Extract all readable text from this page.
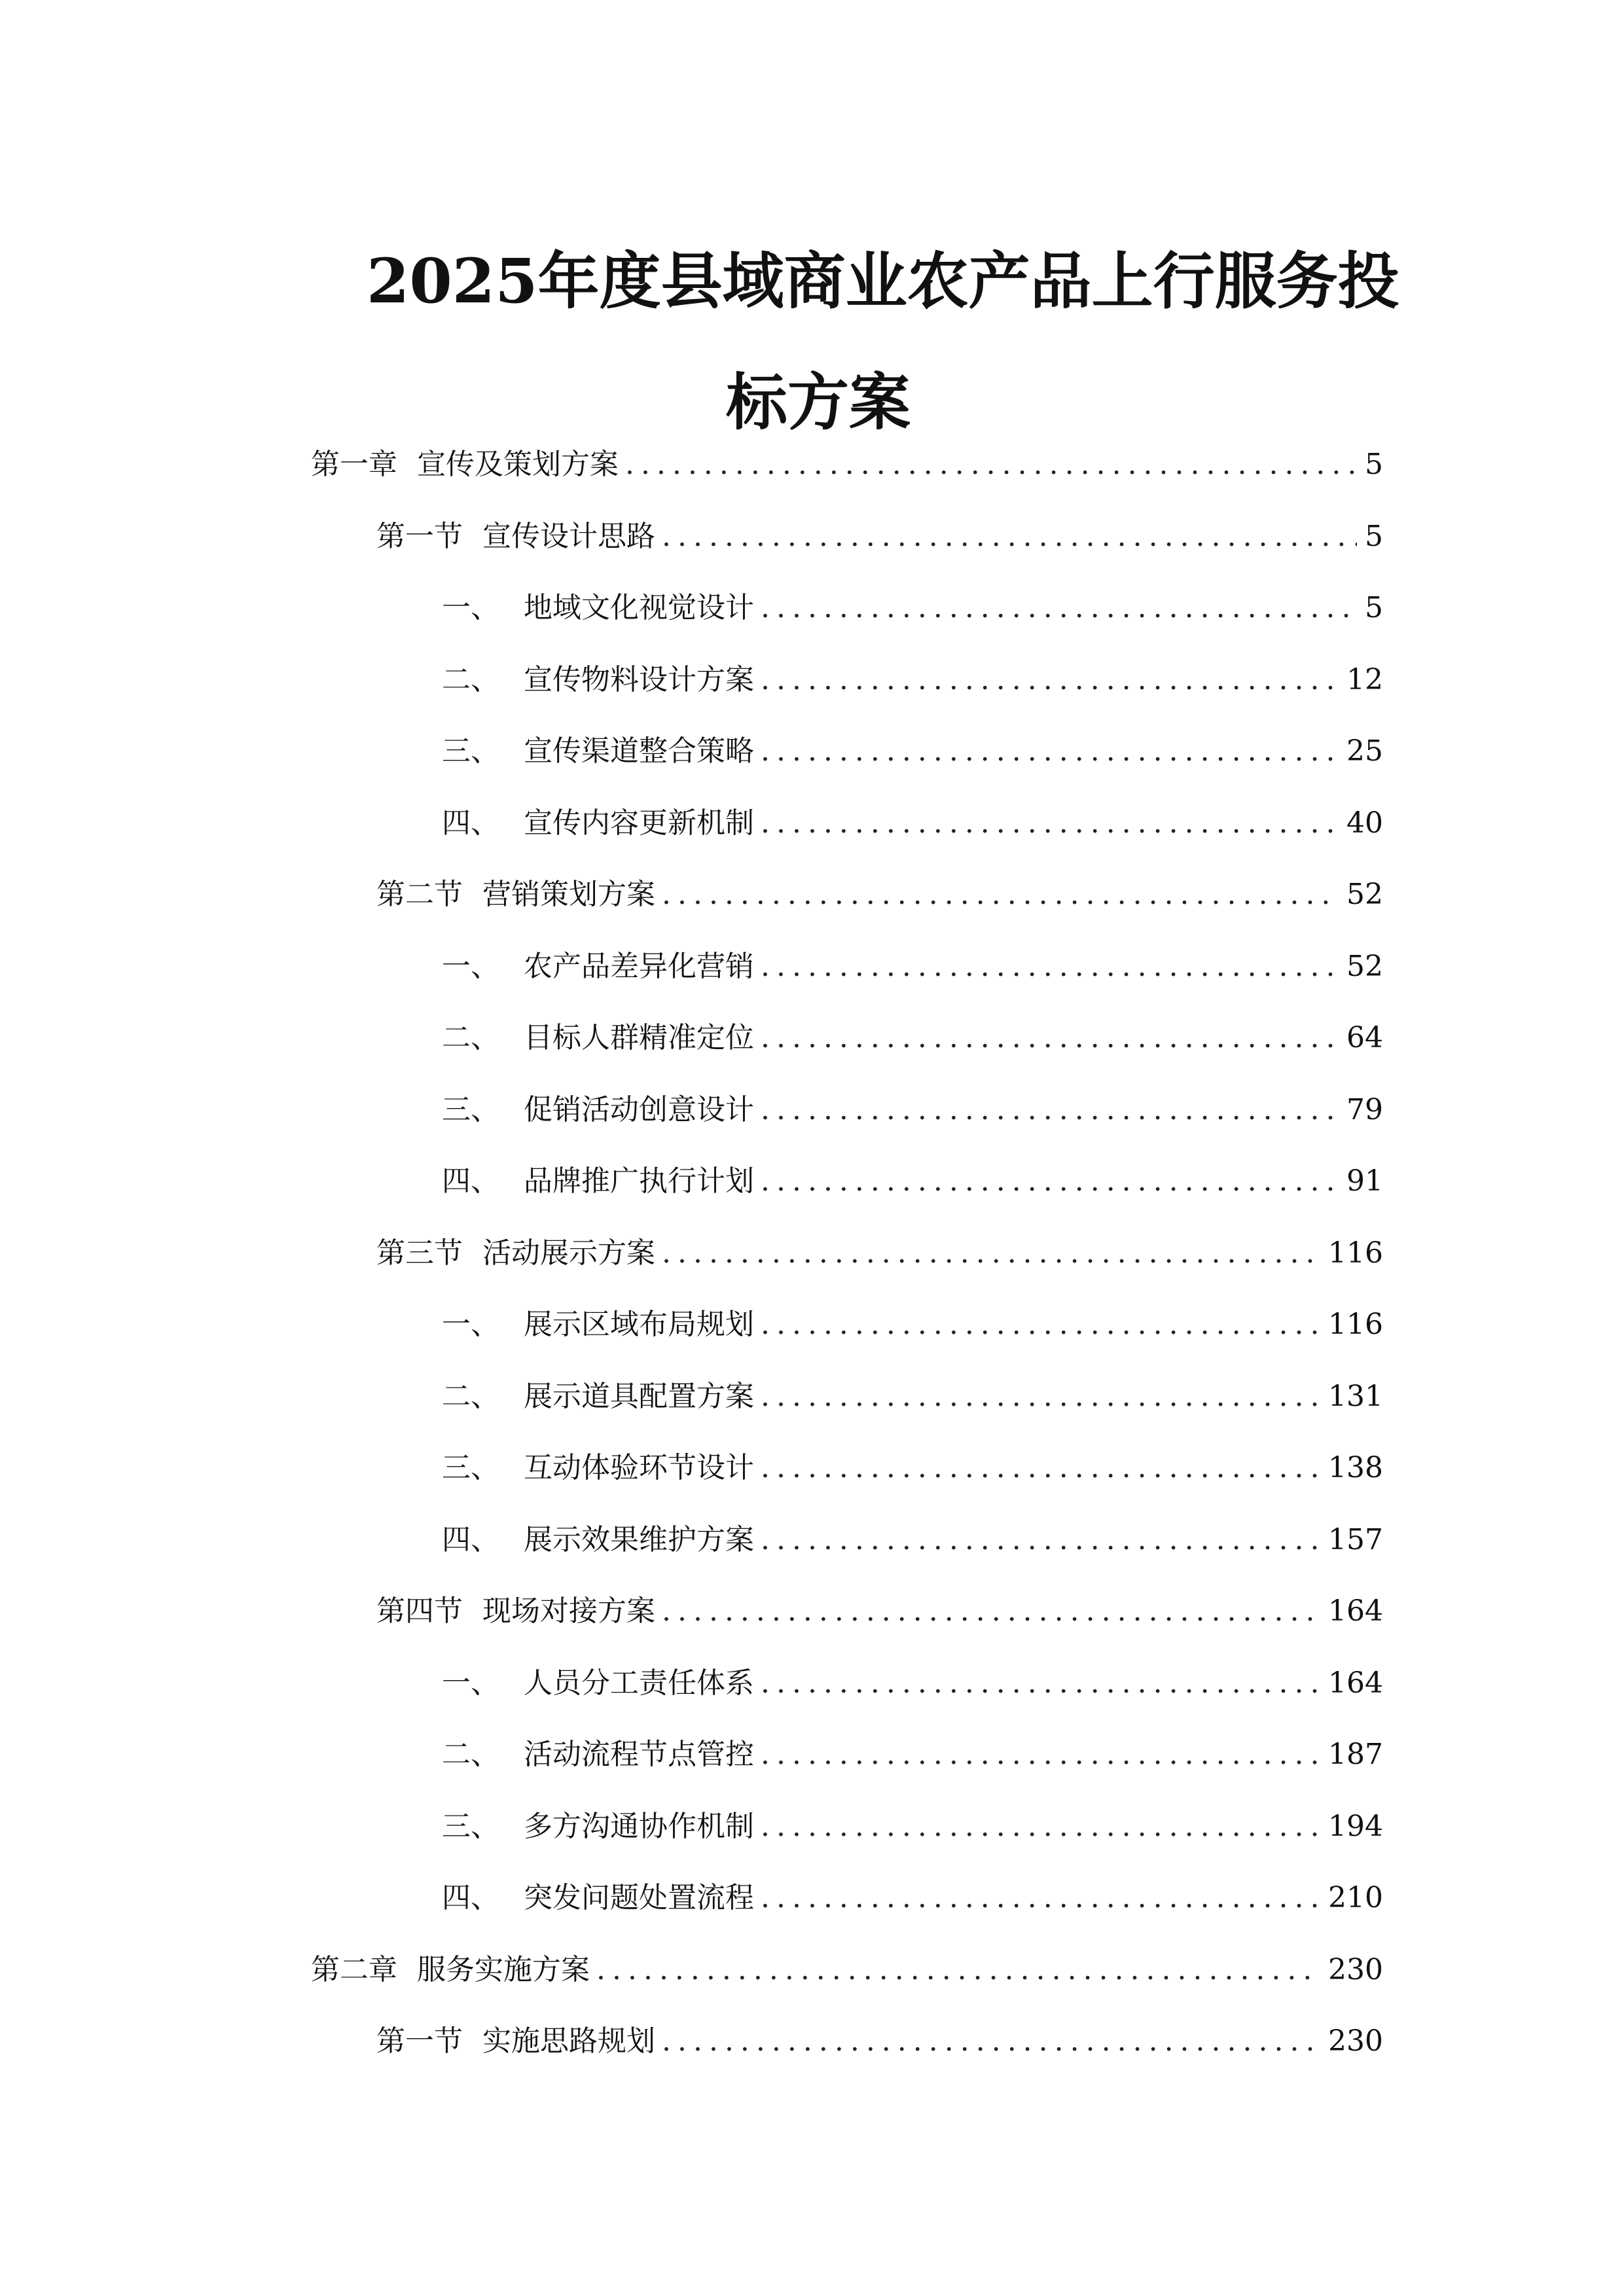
2025年度县域商业农产品上行服务投
标方案
第一章 宣传及策划方案 .....	5
第一节 宣传设计思路 .....	5
一、 地域文化视觉设计 .....	5
二、 宣传物料设计方案 .....	12
三、 宣传渠道整合策略 .....	25
四、 宣传内容更新机制 .....	40
第二节 营销策划方案 .....	52
一、 农产品差异化营销 .....	52
二、 目标人群精准定位 .....	64
三、 促销活动创意设计 .....	79
四、 品牌推广执行计划 .....	91
第三节 活动展示方案 .....	116
一、 展示区域布局规划 .....	116
二、 展示道具配置方案 .....	131
三、 互动体验环节设计 .....	138
四、 展示效果维护方案 .....	157
第四节 现场对接方案 .....	164
一、 人员分工责任体系 .....	164
二、 活动流程节点管控 .....	187
三、 多方沟通协作机制 .....	194
四、 突发问题处置流程 .....	210
第二章 服务实施方案 .....	230
第一节 实施思路规划 .....	230
